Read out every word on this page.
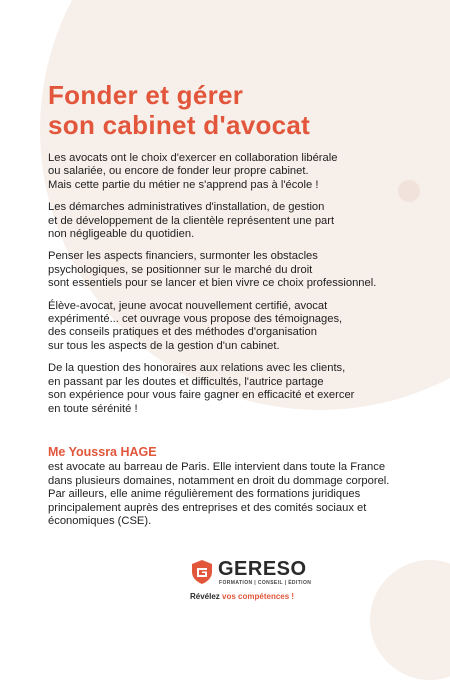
Fonder et gérer
son cabinet d'avocat

Les avocats ont le choix d'exercer en collaboration libérale
ou salariée, ou encore de fonder leur propre cabinet.
Mais cette partie du métier ne s'apprend pas à l'école !

Les démarches administratives d'installation, de gestion
et de développement de la clientèle représentent une part
non négligeable du quotidien.

Penser les aspects financiers, surmonter les obstacles
psychologiques, se positionner sur le marché du droit
sont essentiels pour se lancer et bien vivre ce choix professionnel.

Élève-avocat, jeune avocat nouvellement certifié, avocat
expérimenté... cet ouvrage vous propose des témoignages,
des conseils pratiques et des méthodes d'organisation
sur tous les aspects de la gestion d'un cabinet.

De la question des honoraires aux relations avec les clients,
en passant par les doutes et difficultés, l'autrice partage
son expérience pour vous faire gagner en efficacité et exercer
en toute sérénité !

Me Youssra HAGE

est avocate au barreau de Paris. Elle intervient dans toute la France
dans plusieurs domaines, notamment en droit du dommage corporel.
Par ailleurs, elle anime régulièrement des formations juridiques
principalement auprès des entreprises et des comités sociaux et
économiques (CSE).
GERESO
FORMATION | CONSEIL | ÉDITION
Révélez vos compétences !
